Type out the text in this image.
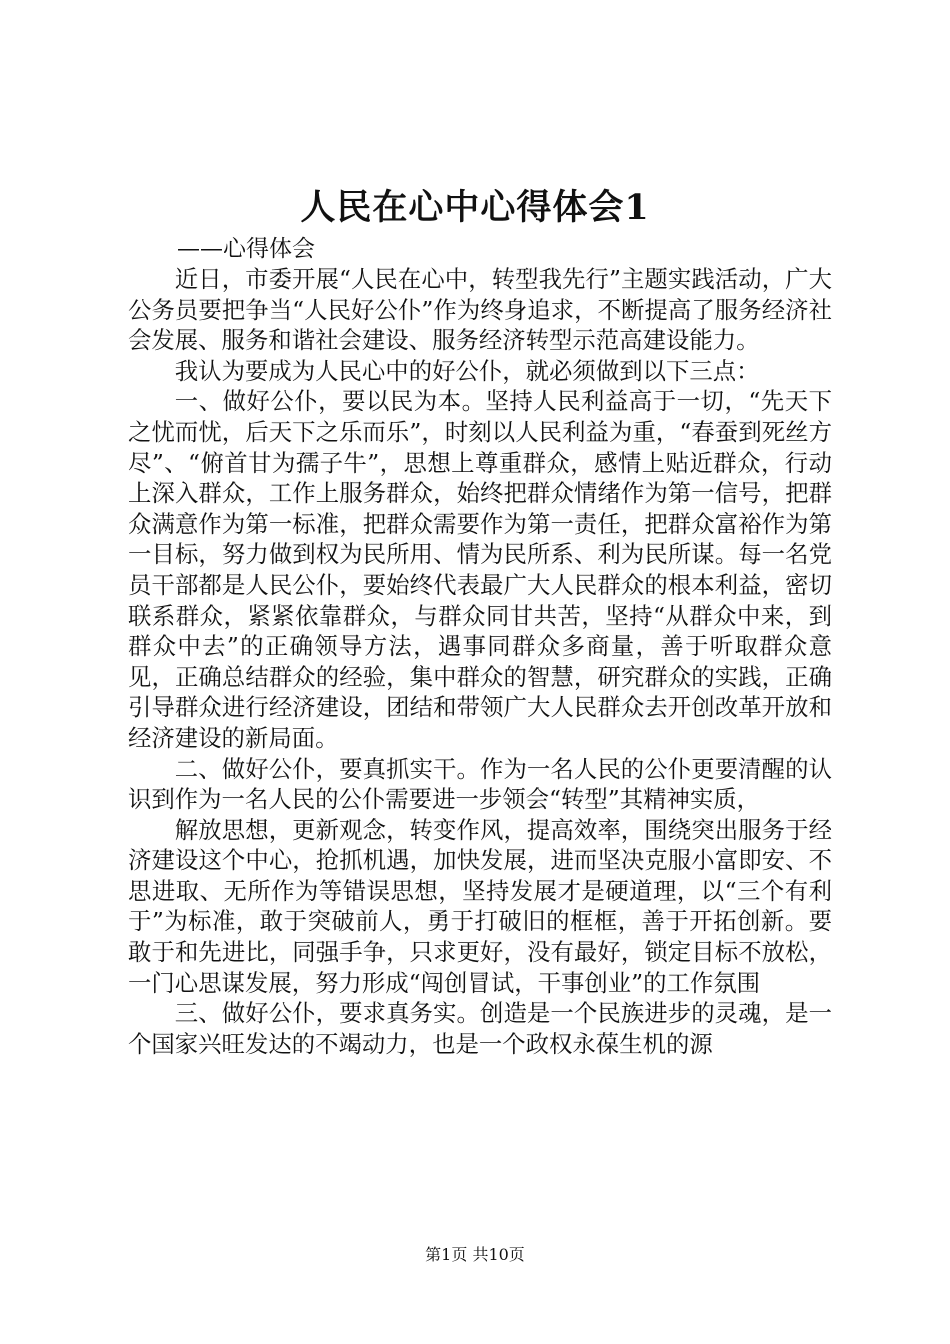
人民在心中心得体会1

——心得体会

近日，市委开展“人民在心中，转型我先行”主题实践活动，广大公务员要把争当“人民好公仆”作为终身追求，不断提高了服务经济社会发展、服务和谐社会建设、服务经济转型示范高建设能力。

我认为要成为人民心中的好公仆，就必须做到以下三点：

一、做好公仆，要以民为本。坚持人民利益高于一切，“先天下之忧而忧，后天下之乐而乐”，时刻以人民利益为重，“春蚕到死丝方尽”、“俯首甘为孺子牛”，思想上尊重群众，感情上贴近群众，行动上深入群众，工作上服务群众，始终把群众情绪作为第一信号，把群众满意作为第一标准，把群众需要作为第一责任，把群众富裕作为第一目标，努力做到权为民所用、情为民所系、利为民所谋。每一名党员干部都是人民公仆，要始终代表最广大人民群众的根本利益，密切联系群众，紧紧依靠群众，与群众同甘共苦，坚持“从群众中来，到群众中去”的正确领导方法，遇事同群众多商量，善于听取群众意见，正确总结群众的经验，集中群众的智慧，研究群众的实践，正确引导群众进行经济建设，团结和带领广大人民群众去开创改革开放和经济建设的新局面。

二、做好公仆，要真抓实干。作为一名人民的公仆更要清醒的认识到作为一名人民的公仆需要进一步领会“转型”其精神实质，

解放思想，更新观念，转变作风，提高效率，围绕突出服务于经济建设这个中心，抢抓机遇，加快发展，进而坚决克服小富即安、不思进取、无所作为等错误思想，坚持发展才是硬道理，以“三个有利于”为标准，敢于突破前人，勇于打破旧的框框，善于开拓创新。要敢于和先进比，同强手争，只求更好，没有最好，锁定目标不放松，一门心思谋发展，努力形成“闯创冒试，干事创业”的工作氛围

三、做好公仆，要求真务实。创造是一个民族进步的灵魂，是一个国家兴旺发达的不竭动力，也是一个政权永葆生机的源

第1页 共10页
